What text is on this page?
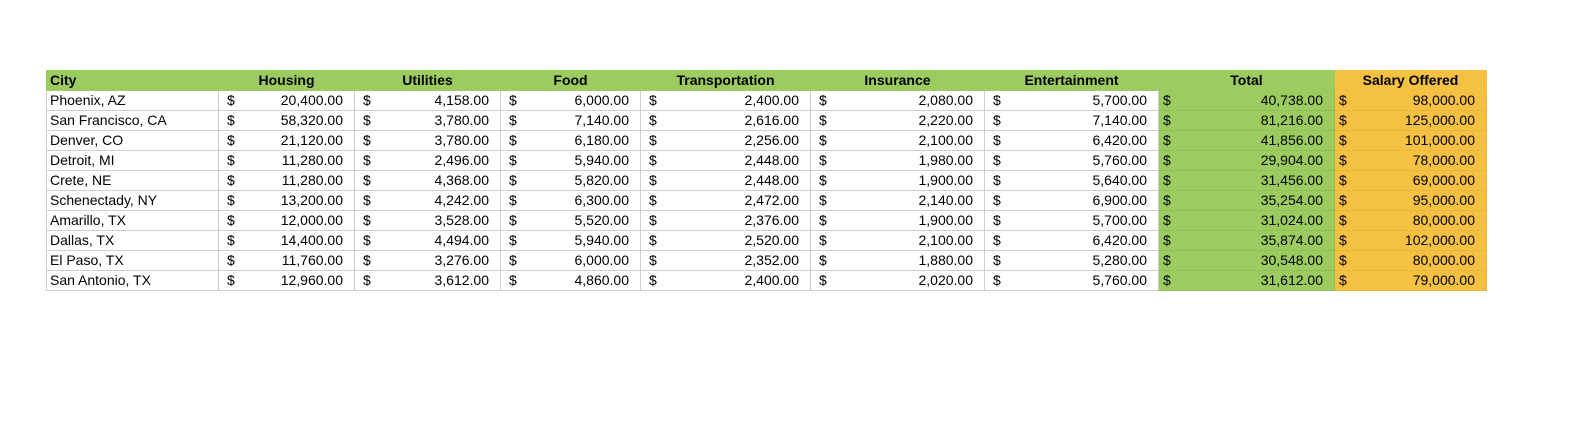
City	Housing	Utilities	Food	Transportation	Insurance	Entertainment	Total	Salary Offered
Phoenix, AZ	$ 20,400.00	$ 4,158.00	$ 6,000.00	$ 2,400.00	$ 2,080.00	$ 5,700.00	$ 40,738.00	$ 98,000.00

San Francisco, CA	$ 58,320.00	$ 3,780.00	$ 7,140.00	$ 2,616.00	$ 2,220.00	$ 7,140.00	$ 81,216.00	$ 125,000.00

Denver, CO	$ 21,120.00	$ 3,780.00	$ 6,180.00	$ 2,256.00	$ 2,100.00	$ 6,420.00	$ 41,856.00	$ 101,000.00

Detroit, MI	$ 11,280.00	$ 2,496.00	$ 5,940.00	$ 2,448.00	$ 1,980.00	$ 5,760.00	$ 29,904.00	$ 78,000.00

Crete, NE	$ 11,280.00	$ 4,368.00	$ 5,820.00	$ 2,448.00	$ 1,900.00	$ 5,640.00	$ 31,456.00	$ 69,000.00

Schenectady, NY	$ 13,200.00	$ 4,242.00	$ 6,300.00	$ 2,472.00	$ 2,140.00	$ 6,900.00	$ 35,254.00	$ 95,000.00

Amarillo, TX	$ 12,000.00	$ 3,528.00	$ 5,520.00	$ 2,376.00	$ 1,900.00	$ 5,700.00	$ 31,024.00	$ 80,000.00

Dallas, TX	$ 14,400.00	$ 4,494.00	$ 5,940.00	$ 2,520.00	$ 2,100.00	$ 6,420.00	$ 35,874.00	$ 102,000.00

El Paso, TX	$ 11,760.00	$ 3,276.00	$ 6,000.00	$ 2,352.00	$ 1,880.00	$ 5,280.00	$ 30,548.00	$ 80,000.00

San Antonio, TX	$ 12,960.00	$ 3,612.00	$ 4,860.00	$ 2,400.00	$ 2,020.00	$ 5,760.00	$ 31,612.00	$ 79,000.00
